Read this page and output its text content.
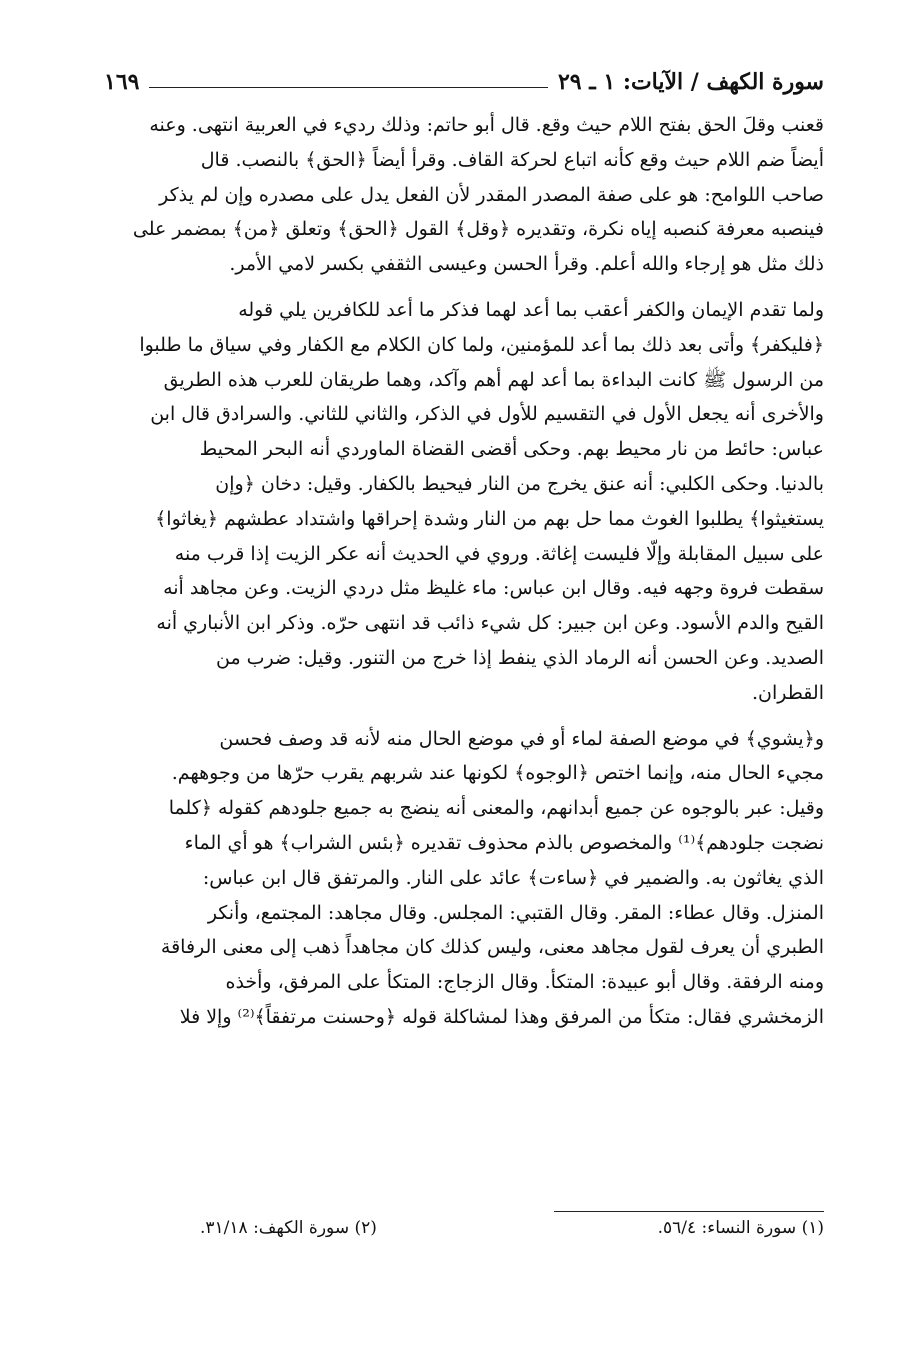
سورة الكهف / الآيات: ١ ـ ٢٩
١٦٩
قعنب وقلَ الحق بفتح اللام حيث وقع. قال أبو حاتم: وذلك رديء في العربية انتهى. وعنه
أيضاً ضم اللام حيث وقع كأنه اتباع لحركة القاف. وقرأ أيضاً ﴿الحق﴾ بالنصب. قال
صاحب اللوامح: هو على صفة المصدر المقدر لأن الفعل يدل على مصدره وإن لم يذكر
فينصبه معرفة كنصبه إياه نكرة، وتقديره ﴿وقل﴾ القول ﴿الحق﴾ وتعلق ﴿من﴾ بمضمر على
ذلك مثل هو إرجاء والله أعلم. وقرأ الحسن وعيسى الثقفي بكسر لامي الأمر.
ولما تقدم الإيمان والكفر أعقب بما أعد لهما فذكر ما أعد للكافرين يلي قوله
﴿فليكفر﴾ وأتى بعد ذلك بما أعد للمؤمنين، ولما كان الكلام مع الكفار وفي سياق ما طلبوا
من الرسول ﷺ كانت البداءة بما أعد لهم أهم وآكد، وهما طريقان للعرب هذه الطريق
والأخرى أنه يجعل الأول في التقسيم للأول في الذكر، والثاني للثاني. والسرادق قال ابن
عباس: حائط من نار محيط بهم. وحكى أقضى القضاة الماوردي أنه البحر المحيط
بالدنيا. وحكى الكلبي: أنه عنق يخرج من النار فيحيط بالكفار. وقيل: دخان ﴿وإن
يستغيثوا﴾ يطلبوا الغوث مما حل بهم من النار وشدة إحراقها واشتداد عطشهم ﴿يغاثوا﴾
على سبيل المقابلة وإلّا فليست إغاثة. وروي في الحديث أنه عكر الزيت إذا قرب منه
سقطت فروة وجهه فيه. وقال ابن عباس: ماء غليظ مثل دردي الزيت. وعن مجاهد أنه
القيح والدم الأسود. وعن ابن جبير: كل شيء ذائب قد انتهى حرّه. وذكر ابن الأنباري أنه
الصديد. وعن الحسن أنه الرماد الذي ينفط إذا خرج من التنور. وقيل: ضرب من
القطران.
و﴿يشوي﴾ في موضع الصفة لماء أو في موضع الحال منه لأنه قد وصف فحسن
مجيء الحال منه، وإنما اختص ﴿الوجوه﴾ لكونها عند شربهم يقرب حرّها من وجوههم.
وقيل: عبر بالوجوه عن جميع أبدانهم، والمعنى أنه ينضج به جميع جلودهم كقوله ﴿كلما
نضجت جلودهم﴾⁽¹⁾ والمخصوص بالذم محذوف تقديره ﴿بئس الشراب﴾ هو أي الماء
الذي يغاثون به. والضمير في ﴿ساءت﴾ عائد على النار. والمرتفق قال ابن عباس:
المنزل. وقال عطاء: المقر. وقال القتبي: المجلس. وقال مجاهد: المجتمع، وأنكر
الطبري أن يعرف لقول مجاهد معنى، وليس كذلك كان مجاهداً ذهب إلى معنى الرفاقة
ومنه الرفقة. وقال أبو عبيدة: المتكأ. وقال الزجاج: المتكأ على المرفق، وأخذه
الزمخشري فقال: متكأ من المرفق وهذا لمشاكلة قوله ﴿وحسنت مرتفقاً﴾⁽²⁾ وإلا فلا
(١) سورة النساء: ٥٦/٤.
(٢) سورة الكهف: ٣١/١٨.
